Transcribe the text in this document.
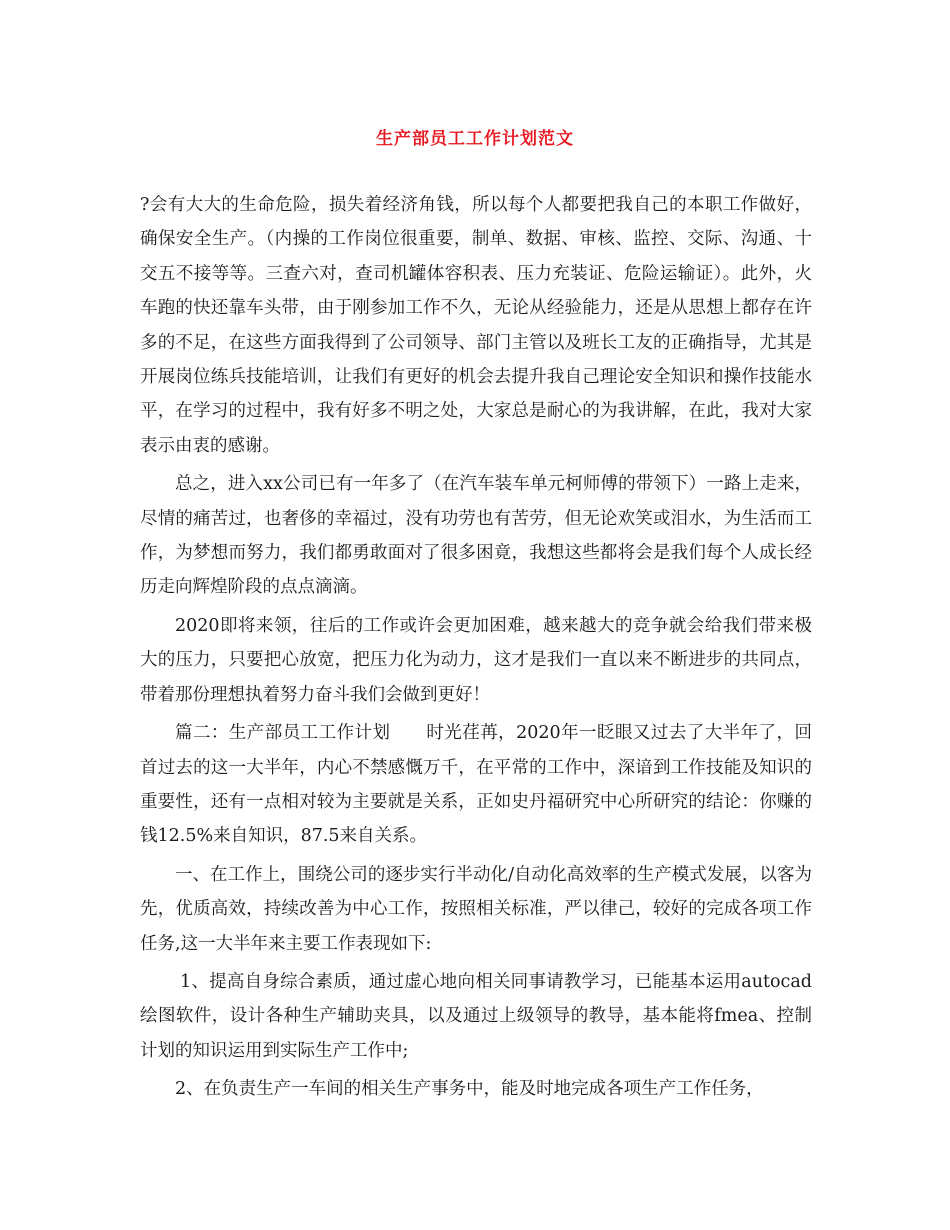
生产部员工工作计划范文

?会有大大的生命危险，损失着经济角钱，所以每个人都要把我自己的本职工作做好，确保安全生产。（内操的工作岗位很重要，制单、数据、审核、监控、交际、沟通、十交五不接等等。三查六对，查司机罐体容积表、压力充装证、危险运输证）。此外，火车跑的快还靠车头带，由于刚参加工作不久，无论从经验能力，还是从思想上都存在许多的不足，在这些方面我得到了公司领导、部门主管以及班长工友的正确指导，尤其是开展岗位练兵技能培训，让我们有更好的机会去提升我自己理论安全知识和操作技能水平，在学习的过程中，我有好多不明之处，大家总是耐心的为我讲解，在此，我对大家表示由衷的感谢。

总之，进入xx公司已有一年多了（在汽车装车单元柯师傅的带领下）一路上走来，尽情的痛苦过，也奢侈的幸福过，没有功劳也有苦劳，但无论欢笑或泪水，为生活而工作，为梦想而努力，我们都勇敢面对了很多困竟，我想这些都将会是我们每个人成长经历走向辉煌阶段的点点滴滴。

2020即将来领，往后的工作或许会更加困难，越来越大的竞争就会给我们带来极大的压力，只要把心放宽，把压力化为动力，这才是我们一直以来不断进步的共同点，带着那份理想执着努力奋斗我们会做到更好！

篇二：生产部员工工作计划　　时光荏苒，2020年一眨眼又过去了大半年了，回首过去的这一大半年，内心不禁感慨万千，在平常的工作中，深谙到工作技能及知识的重要性，还有一点相对较为主要就是关系，正如史丹福研究中心所研究的结论：你赚的钱12.5%来自知识，87.5来自关系。

一、在工作上，围绕公司的逐步实行半动化/自动化高效率的生产模式发展，以客为先，优质高效，持续改善为中心工作，按照相关标准，严以律己，较好的完成各项工作任务,这一大半年来主要工作表现如下:

1、提高自身综合素质，通过虚心地向相关同事请教学习，已能基本运用autocad绘图软件，设计各种生产辅助夹具，以及通过上级领导的教导，基本能将fmea、控制计划的知识运用到实际生产工作中;

2、在负责生产一车间的相关生产事务中，能及时地完成各项生产工作任务，
